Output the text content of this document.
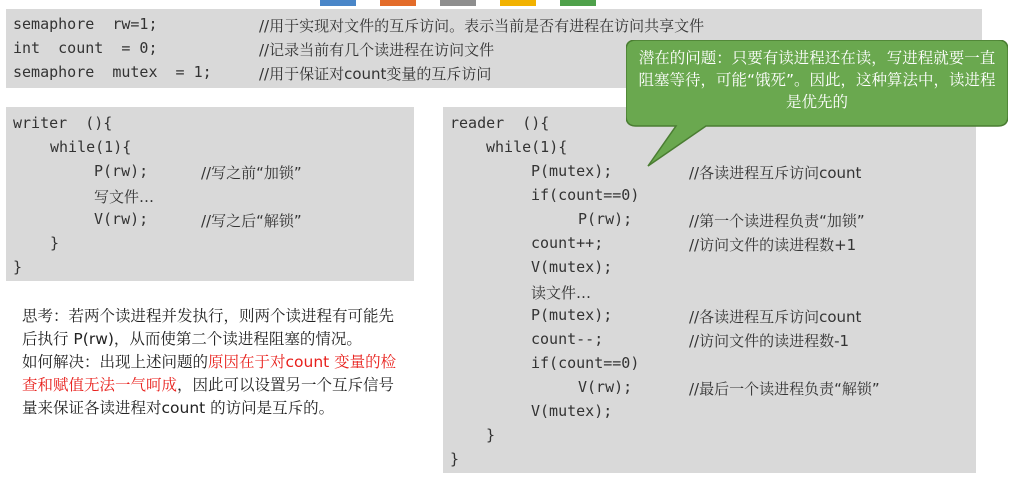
semaphore  rw=1;	//用于实现对文件的互斥访问。表示当前是否有进程在访问共享文件
int  count  = 0;	//记录当前有几个读进程在访问文件
semaphore  mutex  = 1;	//用于保证对count变量的互斥访问
writer  (){
while(1){
P(rw);	//写之前“加锁”
写文件…
V(rw);	//写之后“解锁”
}
}
reader  (){
while(1){
P(mutex);	//各读进程互斥访问count
if(count==0)
P(rw);	//第一个读进程负责“加锁”
count++;	//访问文件的读进程数+1
V(mutex);
读文件…
P(mutex);	//各读进程互斥访问count
count--;	//访问文件的读进程数-1
if(count==0)
V(rw);	//最后一个读进程负责“解锁”
V(mutex);
}
}
思考：若两个读进程并发执行，则两个读进程有可能先后执行 P(rw)，从而使第二个读进程阻塞的情况。
如何解决：出现上述问题的原因在于对count 变量的检查和赋值无法一气呵成，因此可以设置另一个互斥信号量来保证各读进程对count 的访问是互斥的。
潜在的问题：只要有读进程还在读，写进程就要一直阻塞等待，可能“饿死”。因此，这种算法中，读进程是优先的
